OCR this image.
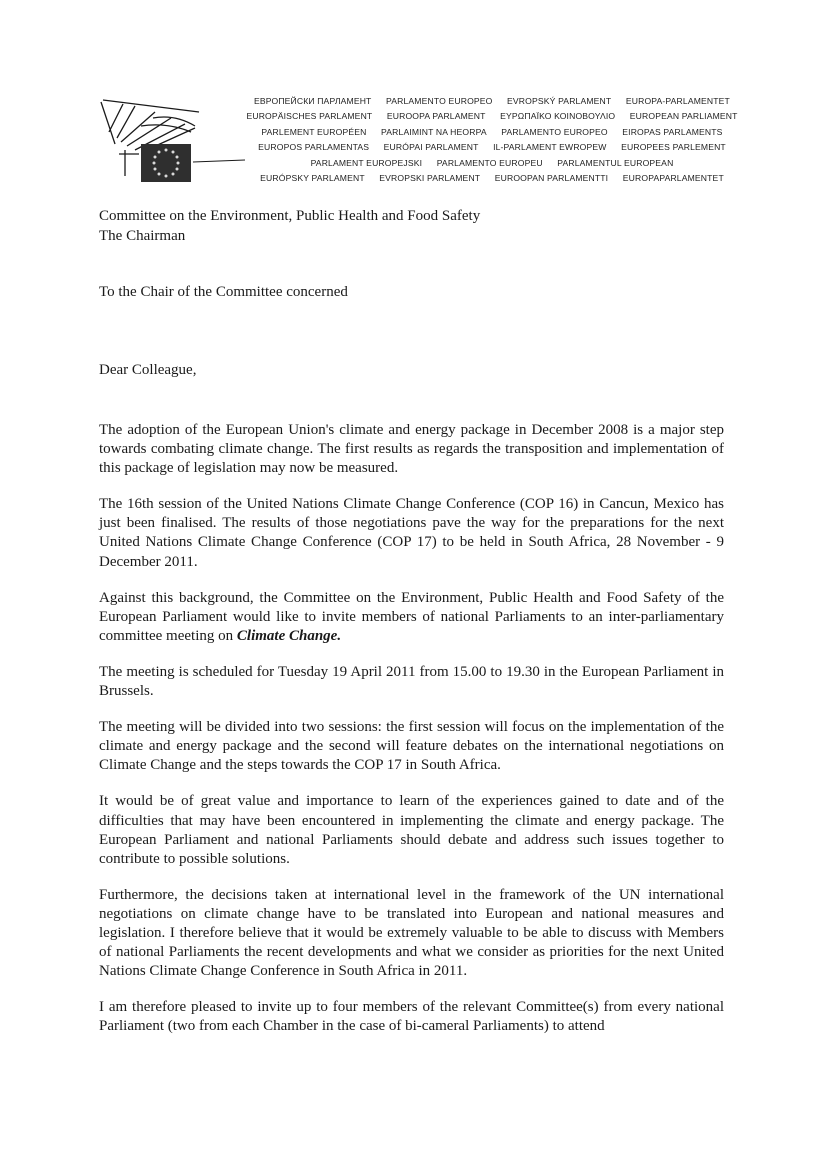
ЕВРОПЕЙСКИ ПАРЛАМЕНТ PARLAMENTO EUROPEO EVROPSKÝ PARLAMENT EUROPA-PARLAMENTET
EUROPÄISCHES PARLAMENT EUROOPA PARLAMENT ΕΥΡΩΠΑΪΚΟ ΚΟΙΝΟΒΟΥΛΙΟ EUROPEAN PARLIAMENT
PARLEMENT EUROPÉEN PARLAIMINT NA HEORPA PARLAMENTO EUROPEO EIROPAS PARLAMENTS
EUROPOS PARLAMENTAS EURÓPAI PARLAMENT IL-PARLAMENT EWROPEW EUROPEES PARLEMENT
PARLAMENT EUROPEJSKI PARLAMENTO EUROPEU PARLAMENTUL EUROPEAN
EURÓPSKY PARLAMENT EVROPSKI PARLAMENT EUROOPAN PARLAMENTTI EUROPAPARLAMENTET
Committee on the Environment, Public Health and Food Safety
The Chairman
To the Chair of the Committee concerned
Dear Colleague,

The adoption of the European Union's climate and energy package in December 2008 is a major step towards combating climate change. The first results as regards the transposition and implementation of this package of legislation may now be measured.

The 16th session of the United Nations Climate Change Conference (COP 16) in Cancun, Mexico has just been finalised. The results of those negotiations pave the way for the preparations for the next United Nations Climate Change Conference (COP 17) to be held in South Africa, 28 November - 9 December 2011.

Against this background, the Committee on the Environment, Public Health and Food Safety of the European Parliament would like to invite members of national Parliaments to an inter-parliamentary committee meeting on Climate Change.

The meeting is scheduled for Tuesday 19 April 2011 from 15.00 to 19.30 in the European Parliament in Brussels.

The meeting will be divided into two sessions: the first session will focus on the implementation of the climate and energy package and the second will feature debates on the international negotiations on Climate Change and the steps towards the COP 17 in South Africa.

It would be of great value and importance to learn of the experiences gained to date and of the difficulties that may have been encountered in implementing the climate and energy package. The European Parliament and national Parliaments should debate and address such issues together to contribute to possible solutions.

Furthermore, the decisions taken at international level in the framework of the UN international negotiations on climate change have to be translated into European and national measures and legislation. I therefore believe that it would be extremely valuable to be able to discuss with Members of national Parliaments the recent developments and what we consider as priorities for the next United Nations Climate Change Conference in South Africa in 2011.

I am therefore pleased to invite up to four members of the relevant Committee(s) from every national Parliament (two from each Chamber in the case of bi-cameral Parliaments) to attend
